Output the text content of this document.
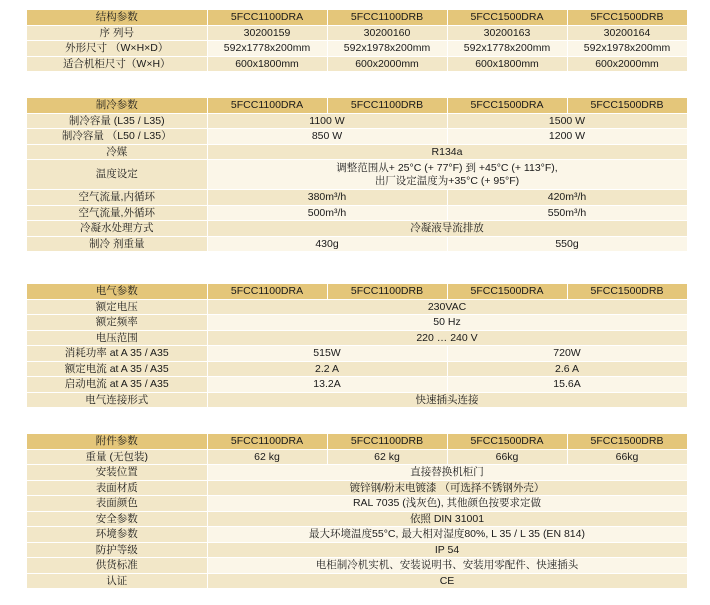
结构参数	5FCC1100DRA	5FCC1100DRB	5FCC1500DRA	5FCC1500DRB
序 列号	30200159	30200160	30200163	30200164
外形尺寸 （W×H×D）	592x1778x200mm	592x1978x200mm	592x1778x200mm	592x1978x200mm
适合机柜尺寸（W×H）	600x1800mm	600x2000mm	600x1800mm	600x2000mm
制冷参数	5FCC1100DRA	5FCC1100DRB	5FCC1500DRA	5FCC1500DRB
制冷容量 (L35 / L35)	1100 W		1500 W	
制冷容量 （L50 / L35）	850 W		1200 W	
冷媒	R134a			
温度设定	调整范围从+ 25°C (+ 77°F) 到 +45°C (+ 113°F),
出厂设定温度为+35°C (+ 95°F)			

空气流量,内循环	380m³/h		420m³/h	
空气流量,外循环	500m³/h		550m³/h	
冷凝水处理方式	冷凝液导流排放			
制冷 剂重量	430g		550g	
电气参数	5FCC1100DRA	5FCC1100DRB	5FCC1500DRA	5FCC1500DRB
额定电压	230VAC			
额定频率	50 Hz			
电压范围	220 … 240 V			
消耗功率 at A 35 / A35	515W		720W	
额定电流 at A 35 / A35	2.2 A		2.6 A	
启动电流 at A 35 / A35	13.2A		15.6A	
电气连接形式	快速插头连接			
附件参数	5FCC1100DRA	5FCC1100DRB	5FCC1500DRA	5FCC1500DRB
重量 (无包装)	62 kg	62 kg	66kg	66kg
安装位置	直接替换机柜门			
表面材质	镀锌钢/粉末电镀漆 （可选择不锈钢外壳）			
表面颜色	RAL 7035 (浅灰色), 其他颜色按要求定做			
安全参数	依照 DIN 31001			
环境参数	最大环境温度55°C, 最大相对湿度80%, L 35 / L 35 (EN 814)			
防护等级	IP 54			
供货标准	电柜制冷机实机、安装说明书、安装用零配件、快速插头			
认证	CE			
